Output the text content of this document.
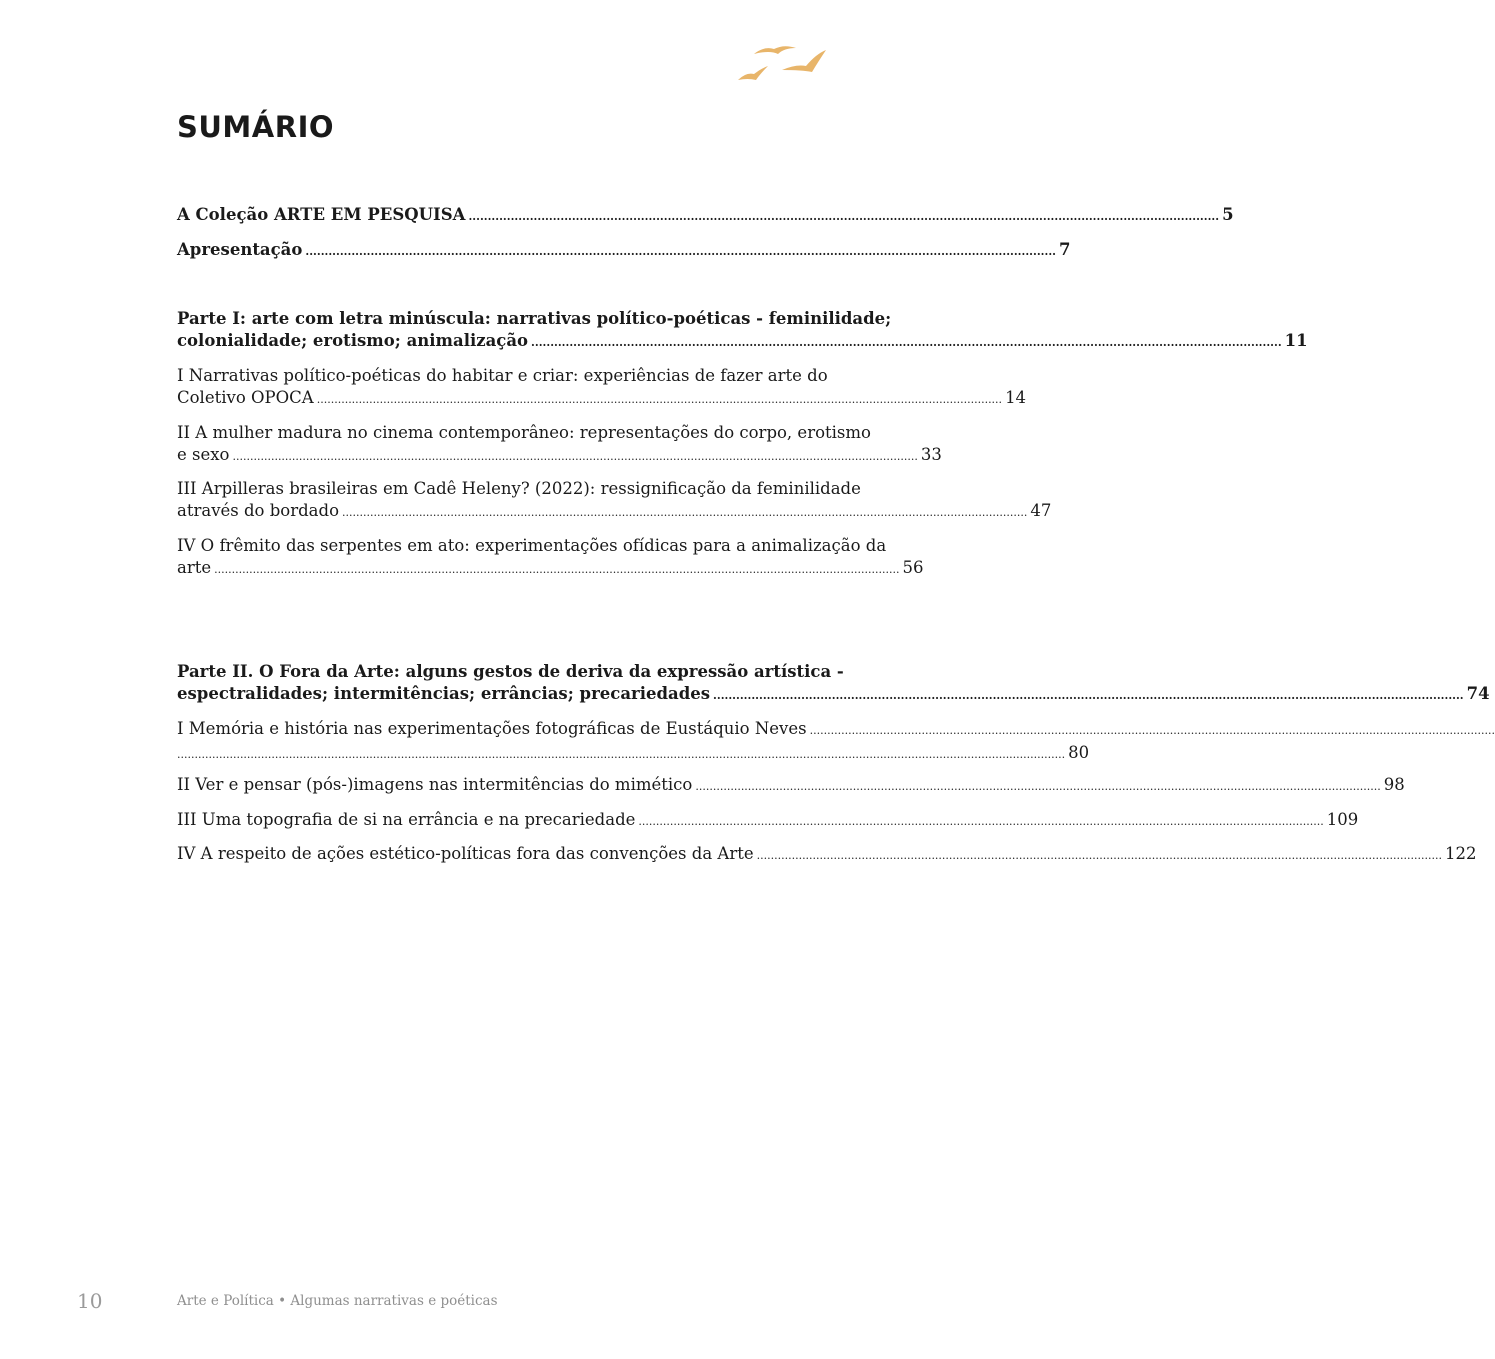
SUMÁRIO
A Coleção ARTE EM PESQUISA .................................................................................................................................................................................................... 5
Apresentação .................................................................................................................................................................................................... 7
Parte I: arte com letra minúscula: narrativas político-poéticas - feminilidade;
colonialidade; erotismo; animalização .................................................................................................................................................................................................... 11
I Narrativas político-poéticas do habitar e criar: experiências de fazer arte do
Coletivo OPOCA .................................................................................................................................................................................................... 14
II A mulher madura no cinema contemporâneo: representações do corpo, erotismo
e sexo .................................................................................................................................................................................................... 33
III Arpilleras brasileiras em Cadê Heleny? (2022): ressignificação da feminilidade
através do bordado .................................................................................................................................................................................................... 47
IV O frêmito das serpentes em ato: experimentações ofídicas para a animalização da
arte .................................................................................................................................................................................................... 56
Parte II. O Fora da Arte: alguns gestos de deriva da expressão artística -
espectralidades; intermitências; errâncias; precariedades .................................................................................................................................................................................................... 74
I Memória e história nas experimentações fotográficas de Eustáquio Neves ....................................................................................................................................................................................................
.............................................................................................................................................................................................................................................................. 80
II Ver e pensar (pós-)imagens nas intermitências do mimético .................................................................................................................................................................................................... 98
III Uma topografia de si na errância e na precariedade .................................................................................................................................................................................................... 109
IV A respeito de ações estético-políticas fora das convenções da Arte .................................................................................................................................................................................................... 122
10	Arte e Política • Algumas narrativas e poéticas
